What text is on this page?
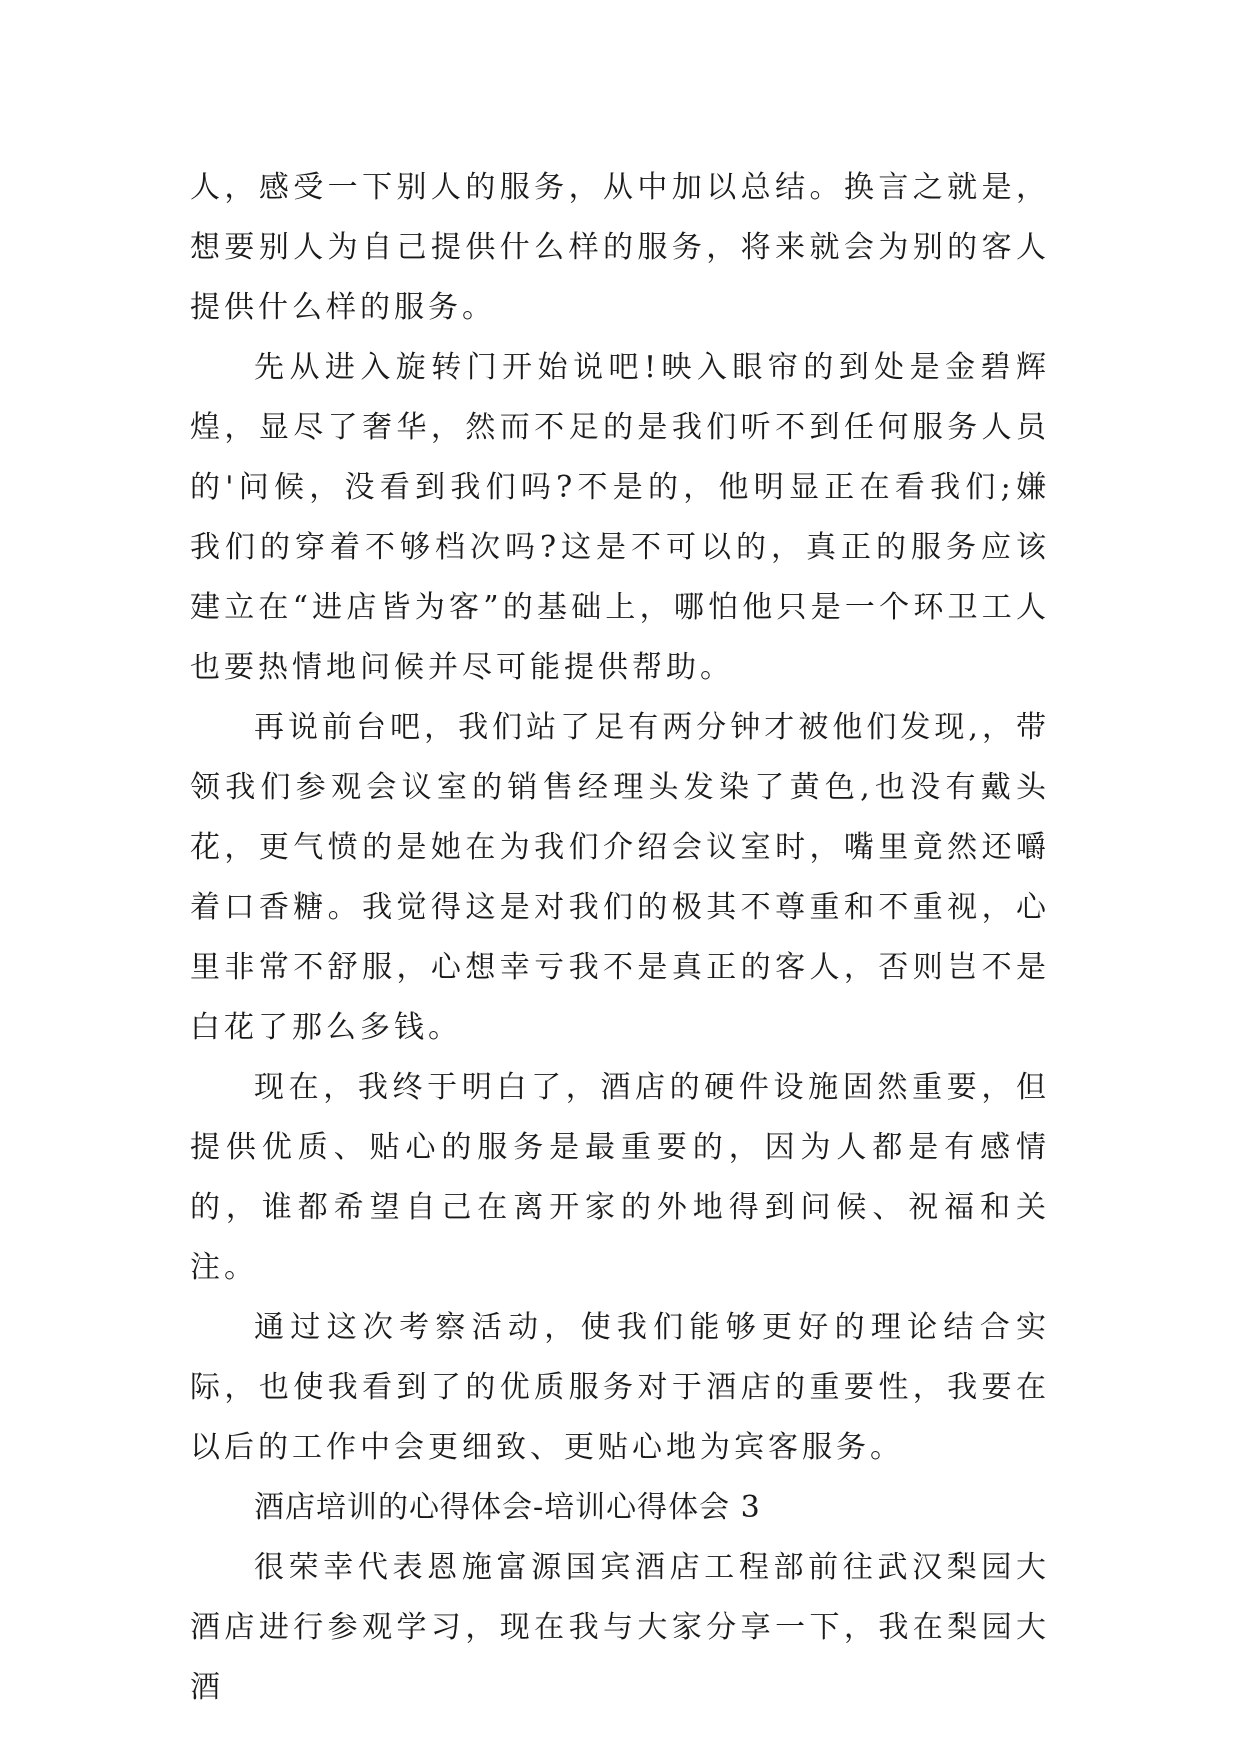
人，感受一下别人的服务，从中加以总结。换言之就是，想要别人为自己提供什么样的服务，将来就会为别的客人提供什么样的服务。

先从进入旋转门开始说吧!映入眼帘的到处是金碧辉煌，显尽了奢华，然而不足的是我们听不到任何服务人员的'问候，没看到我们吗?不是的，他明显正在看我们;嫌我们的穿着不够档次吗?这是不可以的，真正的服务应该建立在“进店皆为客”的基础上，哪怕他只是一个环卫工人也要热情地问候并尽可能提供帮助。

再说前台吧，我们站了足有两分钟才被他们发现,，带领我们参观会议室的销售经理头发染了黄色,也没有戴头花，更气愤的是她在为我们介绍会议室时，嘴里竟然还嚼着口香糖。我觉得这是对我们的极其不尊重和不重视，心里非常不舒服，心想幸亏我不是真正的客人，否则岂不是白花了那么多钱。

现在，我终于明白了，酒店的硬件设施固然重要，但提供优质、贴心的服务是最重要的，因为人都是有感情的，谁都希望自己在离开家的外地得到问候、祝福和关注。

通过这次考察活动，使我们能够更好的理论结合实际，也使我看到了的优质服务对于酒店的重要性，我要在以后的工作中会更细致、更贴心地为宾客服务。

酒店培训的心得体会-培训心得体会 3

很荣幸代表恩施富源国宾酒店工程部前往武汉梨园大酒店进行参观学习，现在我与大家分享一下，我在梨园大酒
